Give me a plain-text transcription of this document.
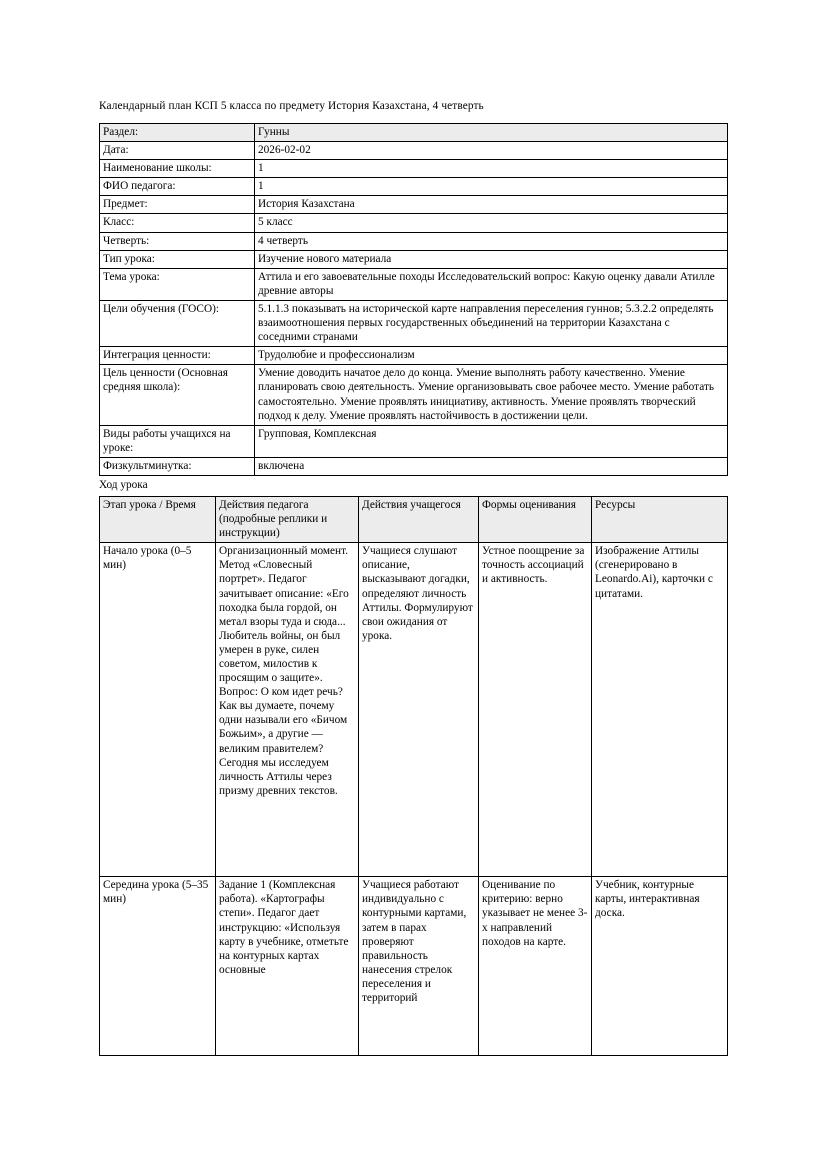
Календарный план КСП 5 класса по предмету История Казахстана, 4 четверть

Раздел:	Гунны
Дата:	2026-02-02
Наименование школы:	1
ФИО педагога:	1
Предмет:	История Казахстана
Класс:	5 класс
Четверть:	4 четверть
Тип урока:	Изучение нового материала
Тема урока:	Аттила и его завоевательные походы Исследовательский вопрос: Какую оценку давали Атилле древние авторы
Цели обучения (ГОСО):	5.1.1.3 показывать на исторической карте направления переселения гуннов; 5.3.2.2 определять взаимоотношения первых государственных объединений на территории Казахстана с соседними странами
Интеграция ценности:	Трудолюбие и профессионализм
Цель ценности (Основная средняя школа):	Умение доводить начатое дело до конца. Умение выполнять работу качественно. Умение планировать свою деятельность. Умение организовывать свое рабочее место. Умение работать самостоятельно. Умение проявлять инициативу, активность. Умение проявлять творческий подход к делу. Умение проявлять настойчивость в достижении цели.
Виды работы учащихся на уроке:	Групповая, Комплексная
Физкультминутка:	включена

Ход урока

Этап урока / Время	Действия педагога (подробные реплики и инструкции)	Действия учащегося	Формы оценивания	Ресурсы
Начало урока (0–5 мин)	Организационный момент. Метод «Словесный портрет». Педагог зачитывает описание: «Его походка была гордой, он метал взоры туда и сюда... Любитель войны, он был умерен в руке, силен советом, милостив к просящим о защите». Вопрос: О ком идет речь? Как вы думаете, почему одни называли его «Бичом Божьим», а другие — великим правителем? Сегодня мы исследуем личность Аттилы через призму древних текстов.	Учащиеся слушают описание, высказывают догадки, определяют личность Аттилы. Формулируют свои ожидания от урока.	Устное поощрение за точность ассоциаций и активность.	Изображение Аттилы (сгенерировано в Leonardo.Ai), карточки с цитатами.
Середина урока (5–35 мин)	Задание 1 (Комплексная работа). «Картографы степи». Педагог дает инструкцию: «Используя карту в учебнике, отметьте на контурных картах основные	Учащиеся работают индивидуально с контурными картами, затем в парах проверяют правильность нанесения стрелок переселения и территорий	Оценивание по критерию: верно указывает не менее 3-х направлений походов на карте.	Учебник, контурные карты, интерактивная доска.
